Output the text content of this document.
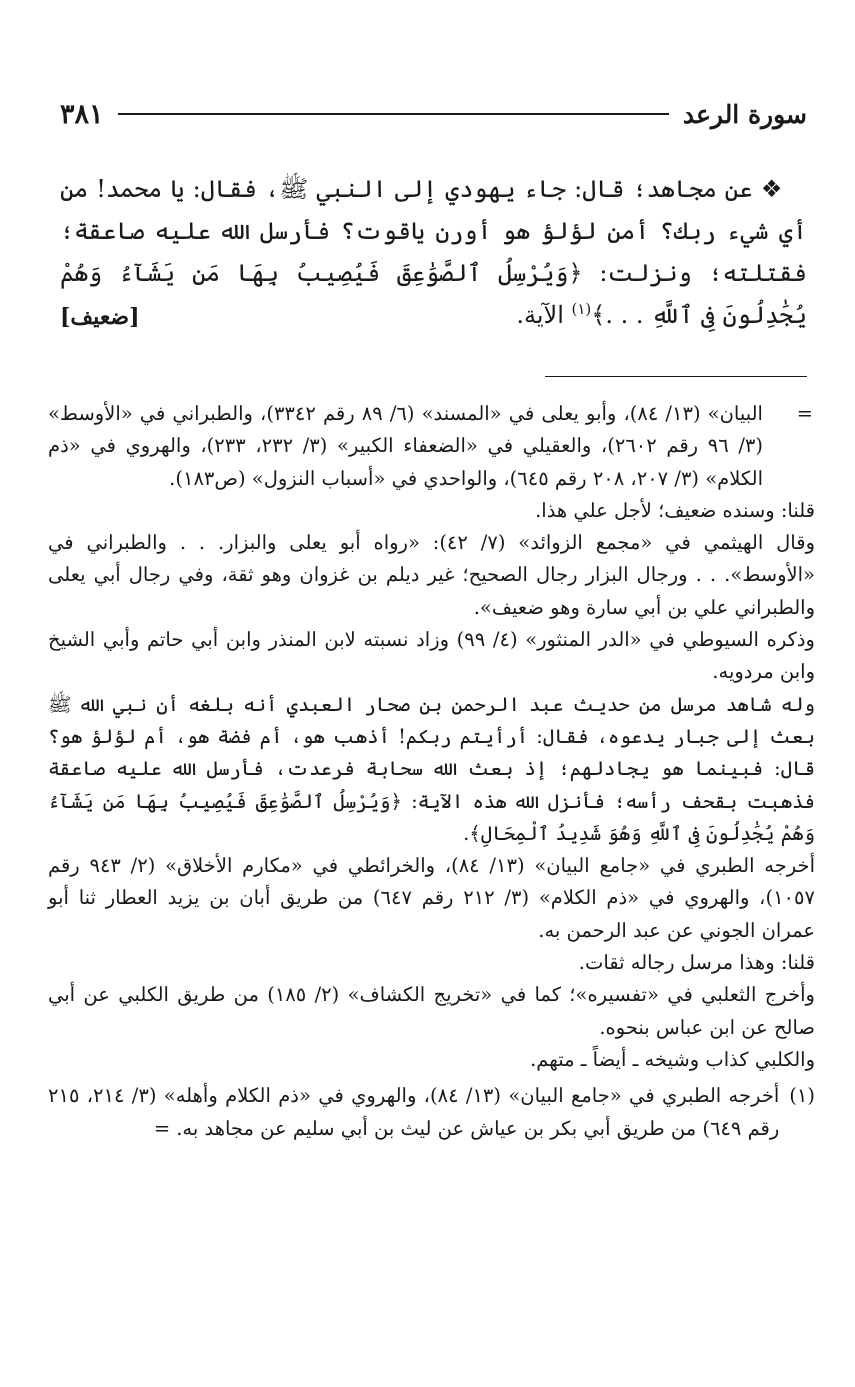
سورة الرعد
٣٨١

❖ عن مجاهد؛ قال: جاء يهودي إلى النبي ﷺ، فقال: يا محمد! من أي شيء ربك؟ أمن لؤلؤ هو أورن ياقوت؟ فأرسل الله عليه صاعقة؛ فقتلته؛ ونزلت: ﴿وَيُرْسِلُ ٱلصَّوَٰعِقَ فَيُصِيبُ بِهَا مَن يَشَآءُ وَهُمْ يُجَٰدِلُونَ فِى ٱللَّهِ . . .﴾$^{(١)}$ الآية.
[ضعيف]

=
البيان» (١٣/ ٨٤)، وأبو يعلى في «المسند» (٦/ ٨٩ رقم ٣٣٤٢)، والطبراني في «الأوسط» (٣/ ٩٦ رقم ٢٦٠٢)، والعقيلي في «الضعفاء الكبير» (٣/ ٢٣٢، ٢٣٣)، والهروي في «ذم الكلام» (٣/ ٢٠٧، ٢٠٨ رقم ٦٤٥)، والواحدي في «أسباب النزول» (ص١٨٣).

قلنا: وسنده ضعيف؛ لأجل علي هذا.

وقال الهيثمي في «مجمع الزوائد» (٧/ ٤٢): «رواه أبو يعلى والبزار. . . والطبراني في «الأوسط». . . ورجال البزار رجال الصحيح؛ غير ديلم بن غزوان وهو ثقة، وفي رجال أبي يعلى والطبراني علي بن أبي سارة وهو ضعيف».

وذكره السيوطي في «الدر المنثور» (٤/ ٩٩) وزاد نسبته لابن المنذر وابن أبي حاتم وأبي الشيخ وابن مردويه.

وله شاهد مرسل من حديث عبد الرحمن بن صحار العبدي أنه بلغه أن نبي الله ﷺ بعث إلى جبار يدعوه، فقال: أرأيتم ربكم! أذهب هو، أم فضة هو، أم لؤلؤ هو؟ قال: فبينما هو يجادلهم؛ إذ بعث الله سحابة فرعدت، فأرسل الله عليه صاعقة فذهبت بقحف رأسه؛ فأنزل الله هذه الآية: ﴿وَيُرْسِلُ ٱلصَّوَٰعِقَ فَيُصِيبُ بِهَا مَن يَشَآءُ وَهُمْ يُجَٰدِلُونَ فِى ٱللَّهِ وَهُوَ شَدِيدُ ٱلْمِحَالِ﴾.

أخرجه الطبري في «جامع البيان» (١٣/ ٨٤)، والخرائطي في «مكارم الأخلاق» (٢/ ٩٤٣ رقم ١٠٥٧)، والهروي في «ذم الكلام» (٣/ ٢١٢ رقم ٦٤٧) من طريق أبان بن يزيد العطار ثنا أبو عمران الجوني عن عبد الرحمن به.

قلنا: وهذا مرسل رجاله ثقات.

وأخرج الثعلبي في «تفسيره»؛ كما في «تخريج الكشاف» (٢/ ١٨٥) من طريق الكلبي عن أبي صالح عن ابن عباس بنحوه.

والكلبي كذاب وشيخه ـ أيضاً ـ متهم.

(١)
أخرجه الطبري في «جامع البيان» (١٣/ ٨٤)، والهروي في «ذم الكلام وأهله» (٣/ ٢١٤، ٢١٥ رقم ٦٤٩) من طريق أبي بكر بن عياش عن ليث بن أبي سليم عن مجاهد به.=
